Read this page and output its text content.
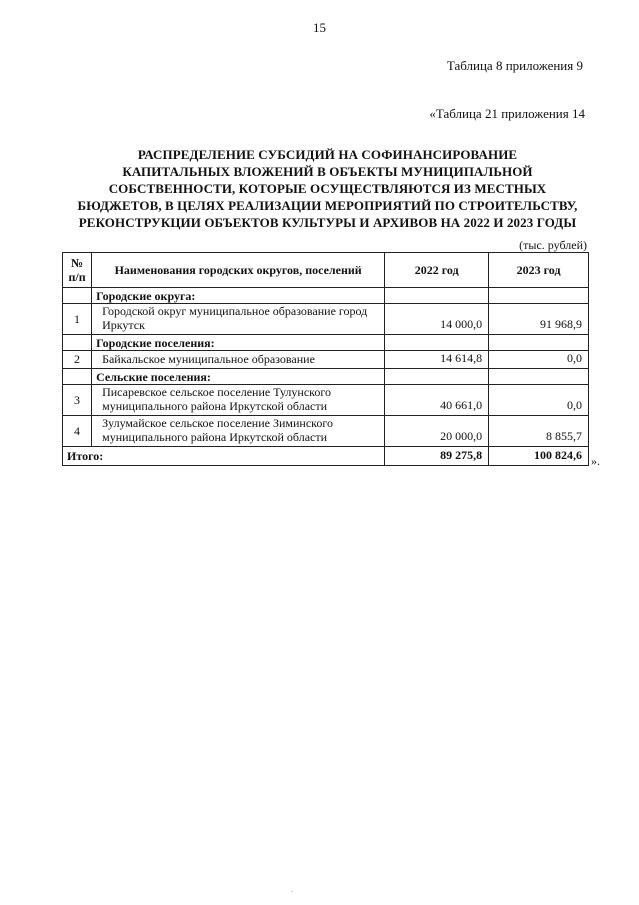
15
Таблица 8 приложения 9
«Таблица 21 приложения 14
РАСПРЕДЕЛЕНИЕ СУБСИДИЙ НА СОФИНАНСИРОВАНИЕ
КАПИТАЛЬНЫХ ВЛОЖЕНИЙ В ОБЪЕКТЫ МУНИЦИПАЛЬНОЙ
СОБСТВЕННОСТИ, КОТОРЫЕ ОСУЩЕСТВЛЯЮТСЯ ИЗ МЕСТНЫХ
БЮДЖЕТОВ, В ЦЕЛЯХ РЕАЛИЗАЦИИ МЕРОПРИЯТИЙ ПО СТРОИТЕЛЬСТВУ,
РЕКОНСТРУКЦИИ ОБЪЕКТОВ КУЛЬТУРЫ И АРХИВОВ НА 2022 И 2023 ГОДЫ
(тыс. рублей)
№
п/п	Наименования городских округов, поселений	2022 год	2023 год
	Городские округа:		
1	Городской округ муниципальное образование город Иркутск	14 000,0	91 968,9
	Городские поселения:		
2	Байкальское муниципальное образование	14 614,8	0,0
	Сельские поселения:		
3	Писаревское сельское поселение Тулунского муниципального района Иркутской области	40 661,0	0,0
4	Зулумайское сельское поселение Зиминского муниципального района Иркутской области	20 000,0	8 855,7
Итого:		89 275,8	100 824,6 ».
.
